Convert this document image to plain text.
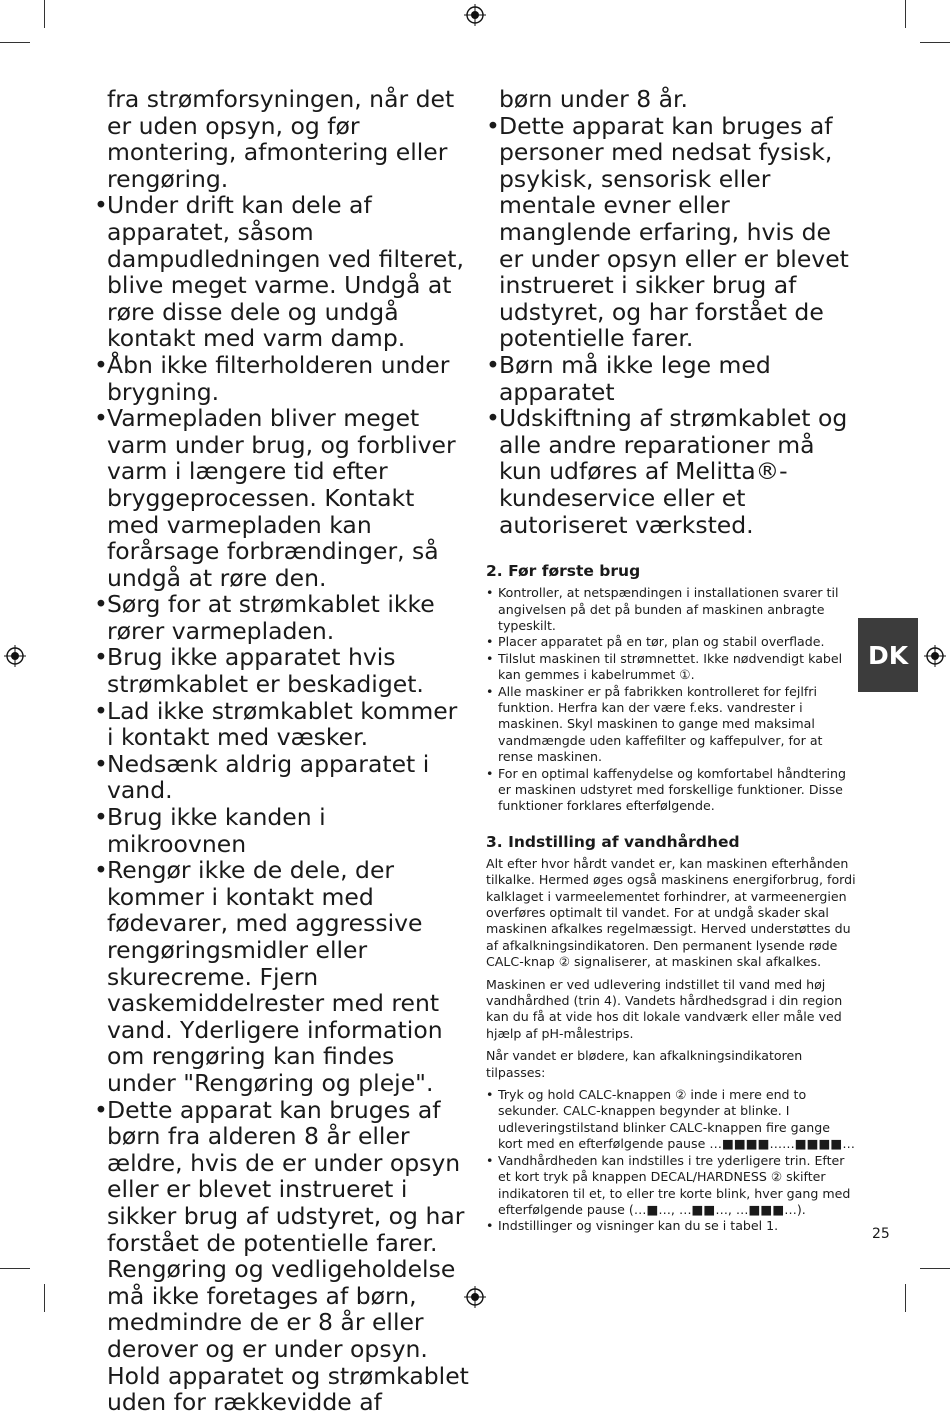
fra strømforsyningen, når det er uden opsyn, og før montering, afmontering eller rengøring.

• Under drift kan dele af apparatet, såsom dampudledningen ved filteret, blive meget varme. Undgå at røre disse dele og undgå kontakt med varm damp.
• Åbn ikke filterholderen under brygning.
• Varmepladen bliver meget varm under brug, og forbliver varm i længere tid efter bryggeprocessen. Kontakt med varmepladen kan forårsage forbrændinger, så undgå at røre den.
• Sørg for at strømkablet ikke rører varmepladen.
• Brug ikke apparatet hvis strømkablet er beskadiget.
• Lad ikke strømkablet kommer i kontakt med væsker.
• Nedsænk aldrig apparatet i vand.
• Brug ikke kanden i mikroovnen
• Rengør ikke de dele, der kommer i kontakt med fødevarer, med aggressive rengøringsmidler eller skurecreme. Fjern vaskemiddelrester med rent vand. Yderligere information om rengøring kan findes under "Rengøring og pleje".
• Dette apparat kan bruges af børn fra alderen 8 år eller ældre, hvis de er under opsyn eller er blevet instrueret i sikker brug af udstyret, og har forstået de potentielle farer. Rengøring og vedligeholdelse må ikke foretages af børn, medmindre de er 8 år eller derover og er under opsyn. Hold apparatet og strømkablet uden for rækkevidde af

børn under 8 år.

• Dette apparat kan bruges af personer med nedsat fysisk, psykisk, sensorisk eller mentale evner eller manglende erfaring, hvis de er under opsyn eller er blevet instrueret i sikker brug af udstyret, og har forstået de potentielle farer.
• Børn må ikke lege med apparatet
• Udskiftning af strømkablet og alle andre reparationer må kun udføres af Melitta®-kundeservice eller et autoriseret værksted.
2. Før første brug
• Kontroller, at netspændingen i installationen svarer til angivelsen på det på bunden af maskinen anbragte typeskilt.
• Placer apparatet på en tør, plan og stabil overflade.
• Tilslut maskinen til strømnettet. Ikke nødvendigt kabel kan gemmes i kabelrummet ①.
• Alle maskiner er på fabrikken kontrolleret for fejlfri funktion. Herfra kan der være f.eks. vandrester i maskinen. Skyl maskinen to gange med maksimal vandmængde uden kaffefilter og kaffepulver, for at rense maskinen.
• For en optimal kaffenydelse og komfortabel håndtering er maskinen udstyret med forskellige funktioner. Disse funktioner forklares efterfølgende.
3. Indstilling af vandhårdhed

Alt efter hvor hårdt vandet er, kan maskinen efterhånden tilkalke. Hermed øges også maskinens energiforbrug, fordi kalklaget i varmeelementet forhindrer, at varmeenergien overføres optimalt til vandet. For at undgå skader skal maskinen afkalkes regelmæssigt. Herved understøttes du af afkalkningsindikatoren. Den permanent lysende røde CALC-knap ② signaliserer, at maskinen skal afkalkes.

Maskinen er ved udlevering indstillet til vand med høj vandhårdhed (trin 4). Vandets hårdhedsgrad i din region kan du få at vide hos dit lokale vandværk eller måle ved hjælp af pH-målestrips.

Når vandet er blødere, kan afkalkningsindikatoren tilpasses:

• Tryk og hold CALC-knappen ② inde i mere end to sekunder. CALC-knappen begynder at blinke. I udleveringstilstand blinker CALC-knappen fire gange kort med en efterfølgende pause …■■■■……■■■■…
• Vandhårdheden kan indstilles i tre yderligere trin. Efter et kort tryk på knappen DECAL/HARDNESS ② skifter indikatoren til et, to eller tre korte blink, hver gang med efterfølgende pause (…■…, …■■…, …■■■…).
• Indstillinger og visninger kan du se i tabel 1.
DK
25
